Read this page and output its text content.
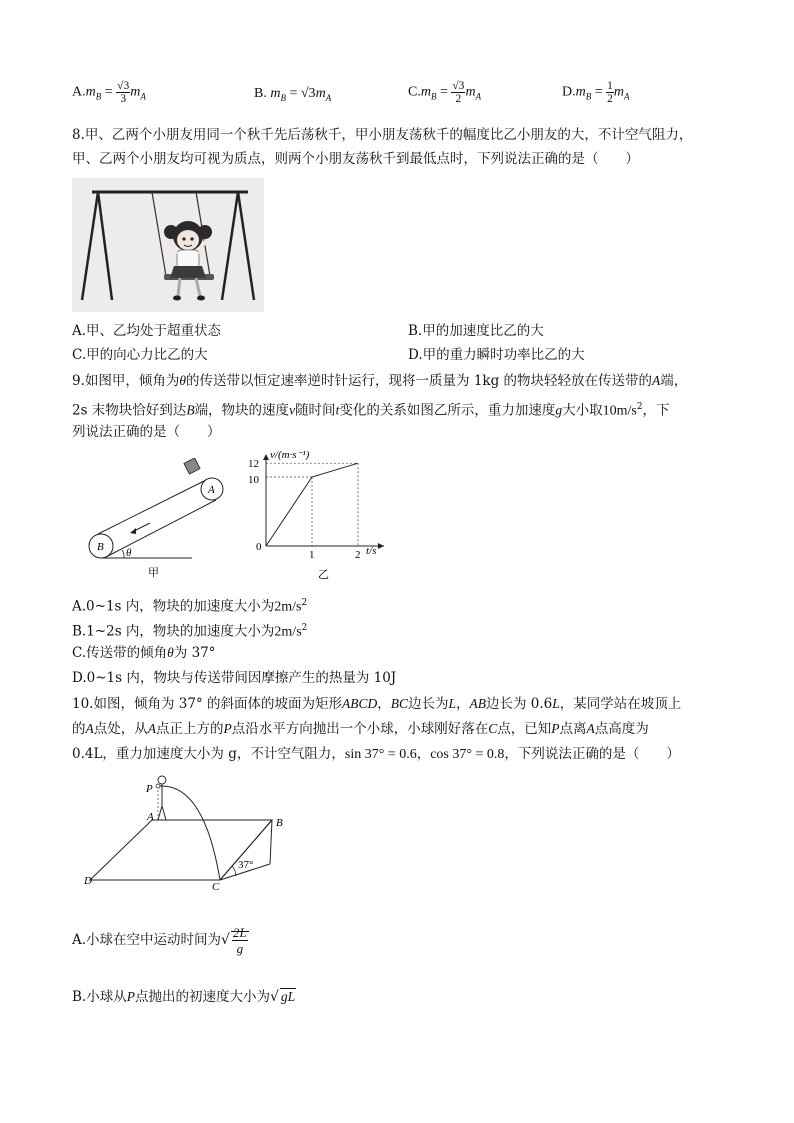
$A.m_B = \frac{√3}{3} m_A$	B. $m_B = √3m_A$	$C.m_B = \frac{√3}{2} m_A$	$D.m_B = \frac{1}{2} m_A$
8.甲、乙两个小朋友用同一个秋千先后荡秋千，甲小朋友荡秋千的幅度比乙小朋友的大，不计空气阻力，
甲、乙两个小朋友均可视为质点，则两个小朋友荡秋千到最低点时，下列说法正确的是（　　）
A.甲、乙均处于超重状态	B.甲的加速度比乙的大
C.甲的向心力比乙的大	D.甲的重力瞬时功率比乙的大
9.如图甲，倾角为θ的传送带以恒定速率逆时针运行，现将一质量为 1kg 的物块轻轻放在传送带的A端，
2s 末物块恰好到达B端，物块的速度v随时间t变化的关系如图乙所示，重力加速度g大小取$10m/s^2$，下
列说法正确的是（　　）
B
A
θ
甲
v/(m·s⁻¹)
t/s
0
12
10
1	2
乙
A.0~1s 内，物块的加速度大小为$2m/s^2$
B.1~2s 内，物块的加速度大小为$2m/s^2$
C.传送带的倾角θ为 37°
D.0~1s 内，物块与传送带间因摩擦产生的热量为 10J
10.如图，倾角为 37° 的斜面体的坡面为矩形ABCD，BC边长为L，AB边长为 0.6L，某同学站在坡顶上
的A点处，从A点正上方的P点沿水平方向抛出一个小球，小球刚好落在C点，已知P点离A点高度为
0.4L，重力加速度大小为 g，不计空气阻力，sin 37° = 0.6，cos 37° = 0.8，下列说法正确的是（　　）
P
A	B
C
D
37°
A.小球在空中运动时间为√ $\frac{2L}{g}$
B.小球从P点抛出的初速度大小为√ gL
